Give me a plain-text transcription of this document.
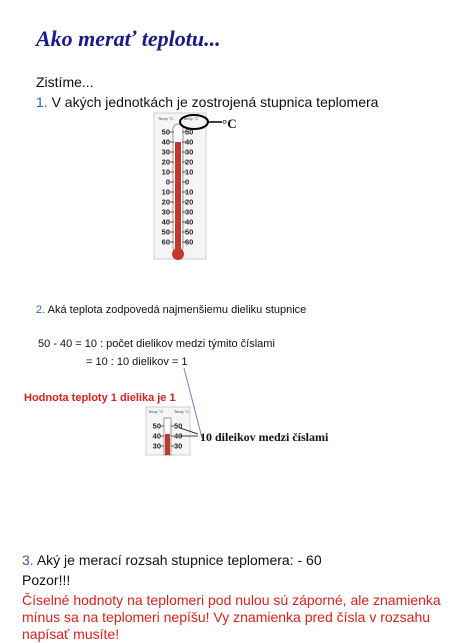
Ako merať teplotu...
Zistíme...
1. V akých jednotkách je zostrojená stupnica teplomera
Temp °C Temp °C
50
40
30
20
10
0
10
20
30
40
50
60
50
40
30
20
10
0
10
20
30
40
50
60
°C
2. Aká teplota zodpovedá najmenšiemu dieliku stupnice
50 - 40 = 10 : počet dielikov medzi týmito číslami
= 10 : 10 dielikov = 1
Hodnota teploty 1 dielika je 1
Temp °C	Temp °C
50
40
30
50
40
30
10 dileikov medzi číslami
3. Aký je merací rozsah stupnice teplomera: - 60
Pozor!!!
Číselné hodnoty na teplomeri pod nulou sú záporné, ale znamienka
mínus sa na teplomeri nepíšu! Vy znamienka pred čísla v rozsahu
napísať musíte!
